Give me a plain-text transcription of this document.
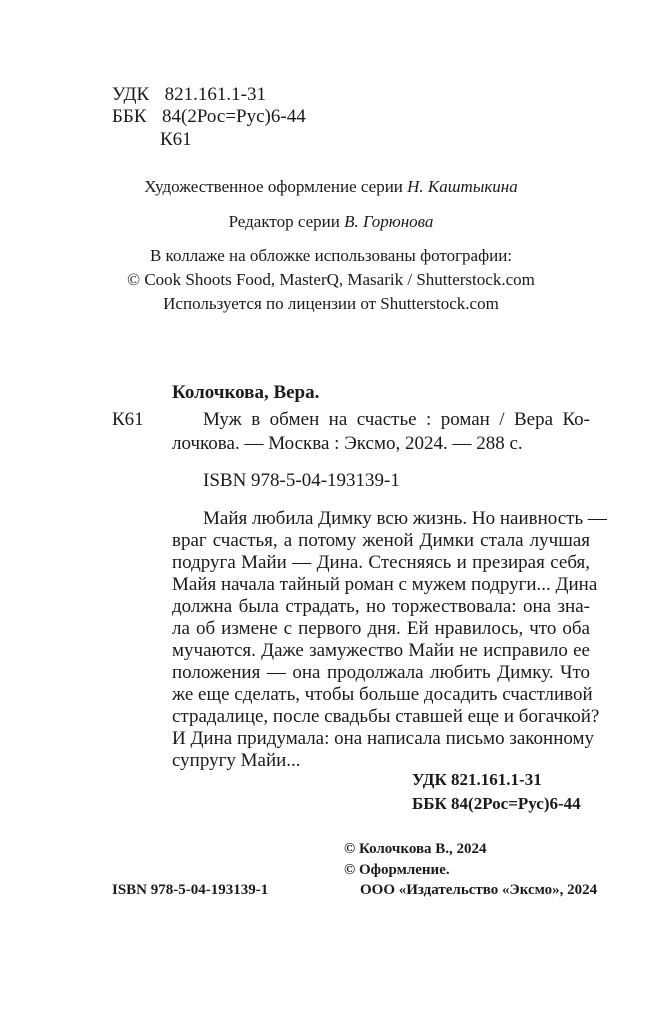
УДК 821.161.1-31
ББК 84(2Рос=Рус)6-44
К61
Художественное оформление серии Н. Каштыкина
Редактор серии В. Горюнова
В коллаже на обложке использованы фотографии:
© Cook Shoots Food, MasterQ, Masarik / Shutterstock.com
Используется по лицензии от Shutterstock.com
Колочкова, Вера.
К61	Муж в обмен на счастье : роман / Вера Ко-
лочкова. — Москва : Эксмо, 2024. — 288 с.
ISBN 978-5-04-193139-1
Майя любила Димку всю жизнь. Но наивность —
враг счастья, а потому женой Димки стала лучшая
подруга Майи — Дина. Стесняясь и презирая себя,
Майя начала тайный роман с мужем подруги... Дина
должна была страдать, но торжествовала: она зна-
ла об измене с первого дня. Ей нравилось, что оба
мучаются. Даже замужество Майи не исправило ее
положения — она продолжала любить Димку. Что
же еще сделать, чтобы больше досадить счастливой
страдалице, после свадьбы ставшей еще и богачкой?
И Дина придумала: она написала письмо законному
супругу Майи...
УДК 821.161.1-31
ББК 84(2Рос=Рус)6-44
© Колочкова В., 2024
© Оформление.
ООО «Издательство «Эксмо», 2024
ISBN 978-5-04-193139-1
